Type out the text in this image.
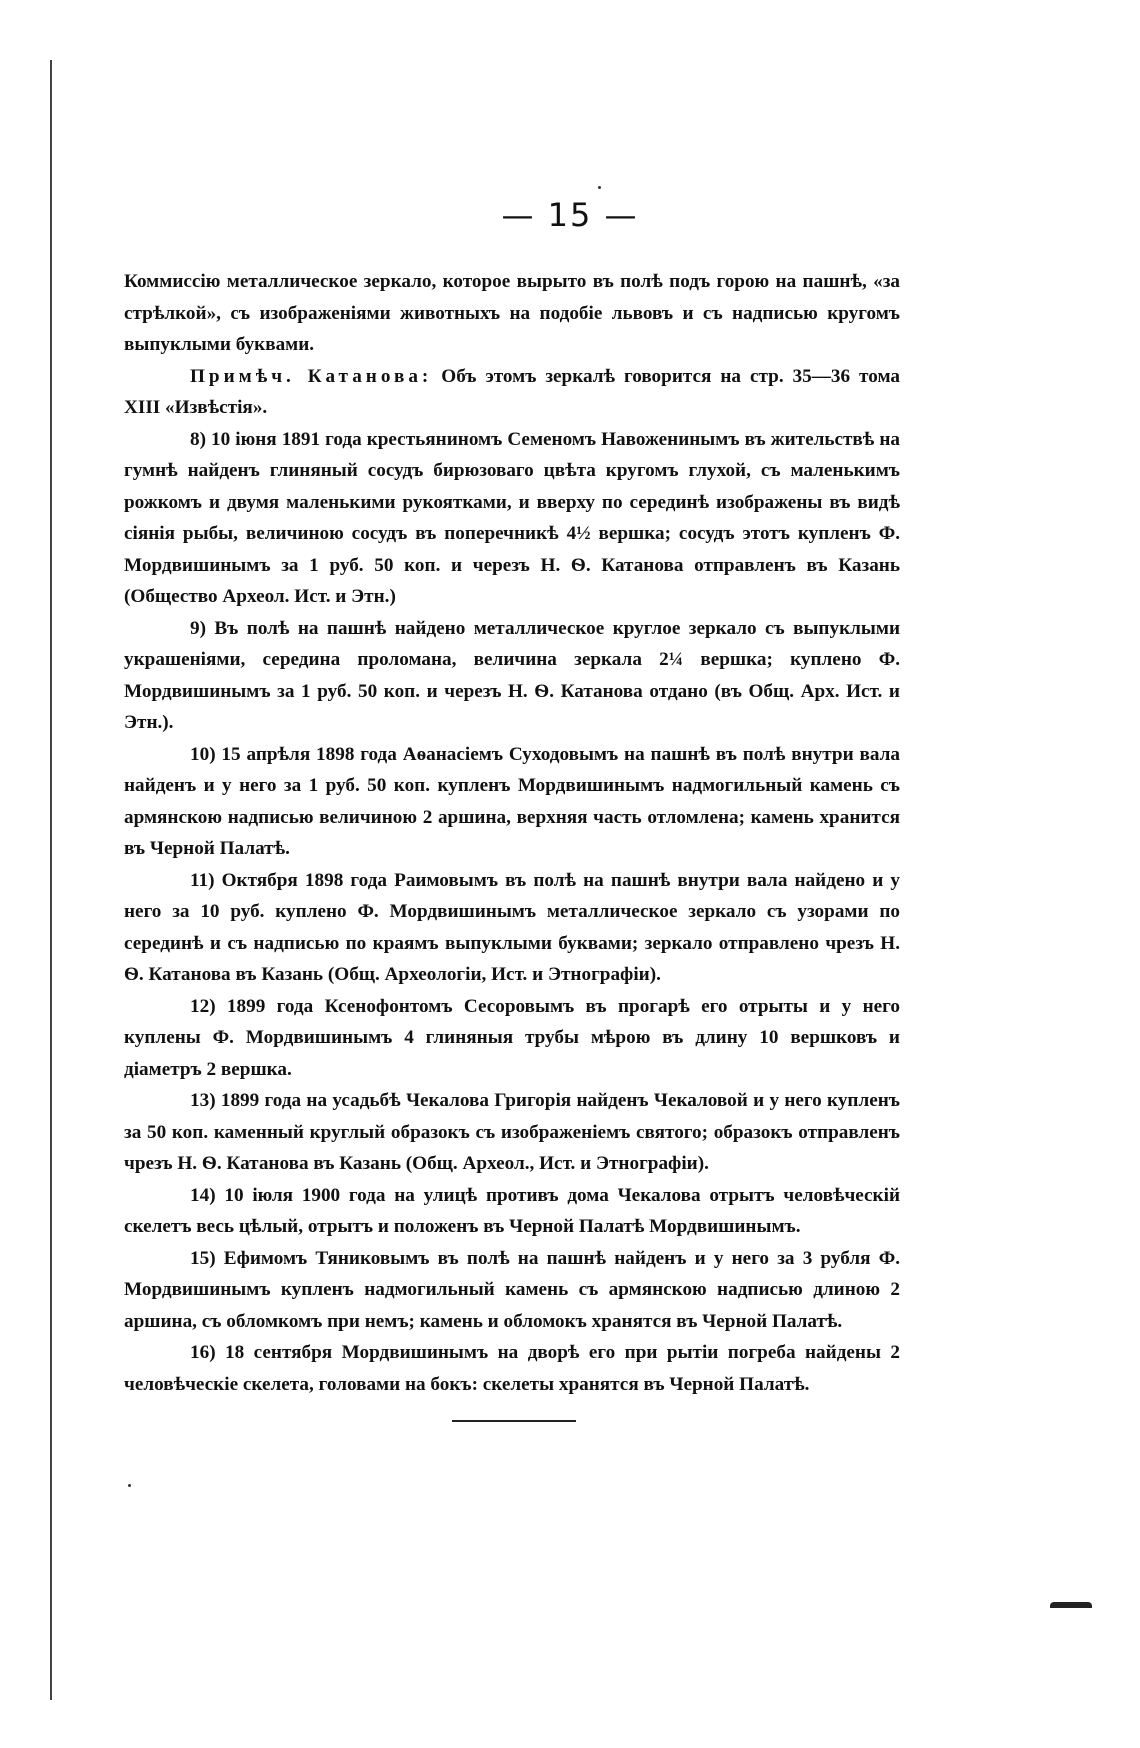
— 15 —

Коммиссію металлическое зеркало, которое вырыто въ полѣ подъ горою на пашнѣ, «за стрѣлкой», съ изображеніями животныхъ на подобіе львовъ и съ надписью кругомъ выпуклыми буквами.

Примѣч. Катанова: Объ этомъ зеркалѣ говорится на стр. 35—36 тома XIII «Извѣстія».

8) 10 іюня 1891 года крестьяниномъ Семеномъ Навоженинымъ въ жительствѣ на гумнѣ найденъ глиняный сосудъ бирюзоваго цвѣта кругомъ глухой, съ маленькимъ рожкомъ и двумя маленькими рукоятками, и вверху по серединѣ изображены въ видѣ сіянія рыбы, величиною сосудъ въ поперечникѣ 4½ вершка; сосудъ этотъ купленъ Ф. Мордвишинымъ за 1 руб. 50 коп. и черезъ Н. Ѳ. Катанова отправленъ въ Казань (Общество Археол. Ист. и Этн.)

9) Въ полѣ на пашнѣ найдено металлическое круглое зеркало съ выпуклыми украшеніями, середина проломана, величина зеркала 2¼ вершка; куплено Ф. Мордвишинымъ за 1 руб. 50 коп. и черезъ Н. Ѳ. Катанова отдано (въ Общ. Арх. Ист. и Этн.).

10) 15 апрѣля 1898 года Аѳанасіемъ Суходовымъ на пашнѣ въ полѣ внутри вала найденъ и у него за 1 руб. 50 коп. купленъ Мордвишинымъ надмогильный камень съ армянскою надписью величиною 2 аршина, верхняя часть отломлена; камень хранится въ Черной Палатѣ.

11) Октября 1898 года Раимовымъ въ полѣ на пашнѣ внутри вала найдено и у него за 10 руб. куплено Ф. Мордвишинымъ металлическое зеркало съ узорами по серединѣ и съ надписью по краямъ выпуклыми буквами; зеркало отправлено чрезъ Н. Ѳ. Катанова въ Казань (Общ. Археологіи, Ист. и Этнографіи).

12) 1899 года Ксенофонтомъ Сесоровымъ въ прогарѣ его отрыты и у него куплены Ф. Мордвишинымъ 4 глиняныя трубы мѣрою въ длину 10 вершковъ и діаметръ 2 вершка.

13) 1899 года на усадьбѣ Чекалова Григорія найденъ Чекаловой и у него купленъ за 50 коп. каменный круглый образокъ съ изображеніемъ святого; образокъ отправленъ чрезъ Н. Ѳ. Катанова въ Казань (Общ. Археол., Ист. и Этнографіи).

14) 10 іюля 1900 года на улицѣ противъ дома Чекалова отрытъ человѣческій скелетъ весь цѣлый, отрытъ и положенъ въ Черной Палатѣ Мордвишинымъ.

15) Ефимомъ Тяниковымъ въ полѣ на пашнѣ найденъ и у него за 3 рубля Ф. Мордвишинымъ купленъ надмогильный камень съ армянскою надписью длиною 2 аршина, съ обломкомъ при немъ; камень и обломокъ хранятся въ Черной Палатѣ.

16) 18 сентября Мордвишинымъ на дворѣ его при рытіи погреба найдены 2 человѣческіе скелета, головами на бокъ: скелеты хранятся въ Черной Палатѣ.
